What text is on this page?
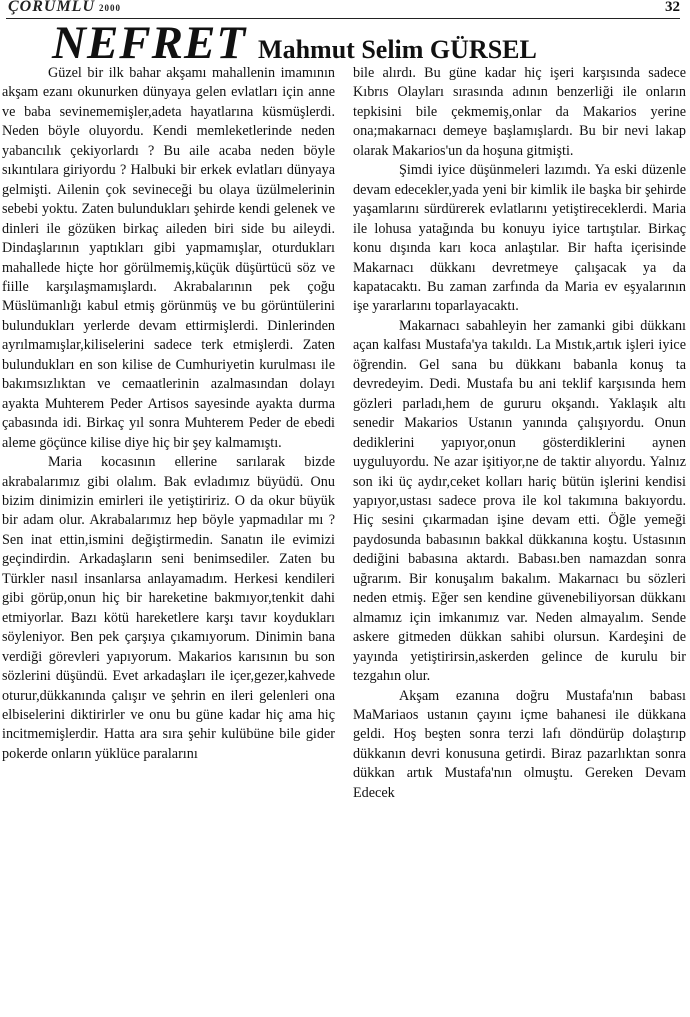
ÇORUMLU 2000	32
NEFRET Mahmut Selim GÜRSEL

Güzel bir ilk bahar akşamı mahallenin imamının akşam ezanı okunurken dünyaya gelen evlatları için anne ve baba sevinememişler,adeta hayatlarına küsmüşlerdi. Neden böyle oluyordu. Kendi memleketlerinde neden yabancılık çekiyorlardı ? Bu aile acaba neden böyle sıkıntılara giriyordu ? Halbuki bir erkek evlatları dünyaya gelmişti. Ailenin çok sevineceği bu olaya üzülmelerinin sebebi yoktu. Zaten bulundukları şehirde kendi gelenek ve dinleri ile gözüken birkaç aileden biri side bu aileydi. Dindaşlarının yaptıkları gibi yapmamışlar, oturdukları mahallede hiçte hor görülmemiş,küçük düşürtücü söz ve fiille karşılaşmamışlardı. Akrabalarının pek çoğu Müslümanlığı kabul etmiş görünmüş ve bu görüntülerini bulundukları yerlerde devam ettirmişlerdi. Dinlerinden ayrılmamışlar,kiliselerini sadece terk etmişlerdi. Zaten bulundukları en son kilise de Cumhuriyetin kurulması ile bakımsızlıktan ve cemaatlerinin azalmasından dolayı ayakta Muhterem Peder Artisos sayesinde ayakta durma çabasında idi. Birkaç yıl sonra Muhterem Peder de ebedi aleme göçünce kilise diye hiç bir şey kalmamıştı.

Maria kocasının ellerine sarılarak bizde akrabalarımız gibi olalım. Bak evladımız büyüdü. Onu bizim dinimizin emirleri ile yetiştiririz. O da okur büyük bir adam olur. Akrabalarımız hep böyle yapmadılar mı ? Sen inat ettin,ismini değiştirmedin. Sanatın ile evimizi geçindirdin. Arkadaşların seni benimsediler. Zaten bu Türkler nasıl insanlarsa anlayamadım. Herkesi kendileri gibi görüp,onun hiç bir hareketine bakmıyor,tenkit dahi etmiyorlar. Bazı kötü hareketlere karşı tavır koydukları söyleniyor. Ben pek çarşıya çıkamıyorum. Dinimin bana verdiği görevleri yapıyorum. Makarios karısının bu son sözlerini düşündü. Evet arkadaşları ile içer,gezer,kahvede oturur,dükkanında çalışır ve şehrin en ileri gelenleri ona elbiselerini diktirirler ve onu bu güne kadar hiç ama hiç incitmemişlerdir. Hatta ara sıra şehir kulübüne bile gider pokerde onların yüklüce paralarını

bile alırdı. Bu güne kadar hiç işeri karşısında sadece Kıbrıs Olayları sırasında adının benzerliği ile onların tepkisini bile çekmemiş,onlar da Makarios yerine ona;makarnacı demeye başlamışlardı. Bu bir nevi lakap olarak Makarios'un da hoşuna gitmişti.

Şimdi iyice düşünmeleri lazımdı. Ya eski düzenle devam edecekler,yada yeni bir kimlik ile başka bir şehirde yaşamlarını sürdürerek evlatlarını yetiştireceklerdi. Maria ile lohusa yatağında bu konuyu iyice tartıştılar. Birkaç konu dışında karı koca anlaştılar. Bir hafta içerisinde Makarnacı dükkanı devretmeye çalışacak ya da kapatacaktı. Bu zaman zarfında da Maria ev eşyalarının işe yararlarını toparlayacaktı.

Makarnacı sabahleyin her zamanki gibi dükkanı açan kalfası Mustafa'ya takıldı. La Mıstık,artık işleri iyice öğrendin. Gel sana bu dükkanı babanla konuş ta devredeyim. Dedi. Mustafa bu ani teklif karşısında hem gözleri parladı,hem de gururu okşandı. Yaklaşık altı senedir Makarios Ustanın yanında çalışıyordu. Onun dediklerini yapıyor,onun gösterdiklerini aynen uyguluyordu. Ne azar işitiyor,ne de taktir alıyordu. Yalnız son iki üç aydır,ceket kolları hariç bütün işlerini kendisi yapıyor,ustası sadece prova ile kol takımına bakıyordu. Hiç sesini çıkarmadan işine devam etti. Öğle yemeği paydosunda babasının bakkal dükkanına koştu. Ustasının dediğini babasına aktardı. Babası.ben namazdan sonra uğrarım. Bir konuşalım bakalım. Makarnacı bu sözleri neden etmiş. Eğer sen kendine güvenebiliyorsan dükkanı almamız için imkanımız var. Neden almayalım. Sende askere gitmeden dükkan sahibi olursun. Kardeşini de yayında yetiştirirsin,askerden gelince de kurulu bir tezgahın olur.

Akşam ezanına doğru Mustafa'nın babası MaMariaos ustanın çayını içme bahanesi ile dükkana geldi. Hoş beşten sonra terzi lafı döndürüp dolaştırıp dükkanın devri konusuna getirdi. Biraz pazarlıktan sonra dükkan artık Mustafa'nın olmuştu. Gereken Devam Edecek
